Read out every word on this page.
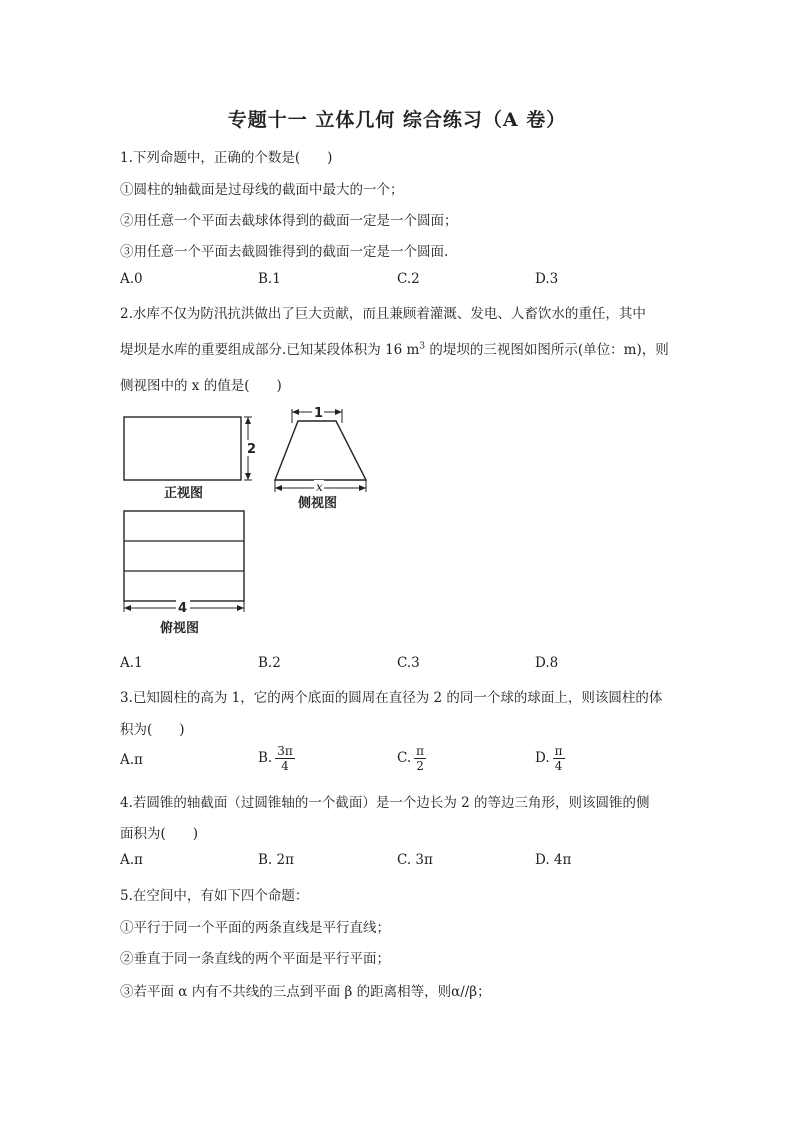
专题十一 立体几何 综合练习（A 卷）
1.下列命题中，正确的个数是(　　)
①圆柱的轴截面是过母线的截面中最大的一个；
②用任意一个平面去截球体得到的截面一定是一个圆面；
③用任意一个平面去截圆锥得到的截面一定是一个圆面.
A.0	B.1	C.2	D.3
2.水库不仅为防汛抗洪做出了巨大贡献，而且兼顾着灌溉、发电、人畜饮水的重任，其中
堤坝是水库的重要组成部分.已知某段体积为 16 $m^3$ 的堤坝的三视图如图所示(单位：m)，则
侧视图中的 x 的值是(　　)
2
正视图
1
x
侧视图
4
俯视图
A.1	B.2	C.3	D.8
3.已知圆柱的高为 1，它的两个底面的圆周在直径为 2 的同一个球的球面上，则该圆柱的体
积为(　　)
A.π	B. $\frac{3\pi}{4}$	C. $\frac{\pi}{2}$	D. $\frac{\pi}{4}$
4.若圆锥的轴截面（过圆锥轴的一个截面）是一个边长为 2 的等边三角形，则该圆锥的侧
面积为(　　)
A.π	B. 2π	C. 3π	D. 4π
5.在空间中，有如下四个命题：
①平行于同一个平面的两条直线是平行直线；
②垂直于同一条直线的两个平面是平行平面；
③若平面 α 内有不共线的三点到平面 β 的距离相等，则α//β；
